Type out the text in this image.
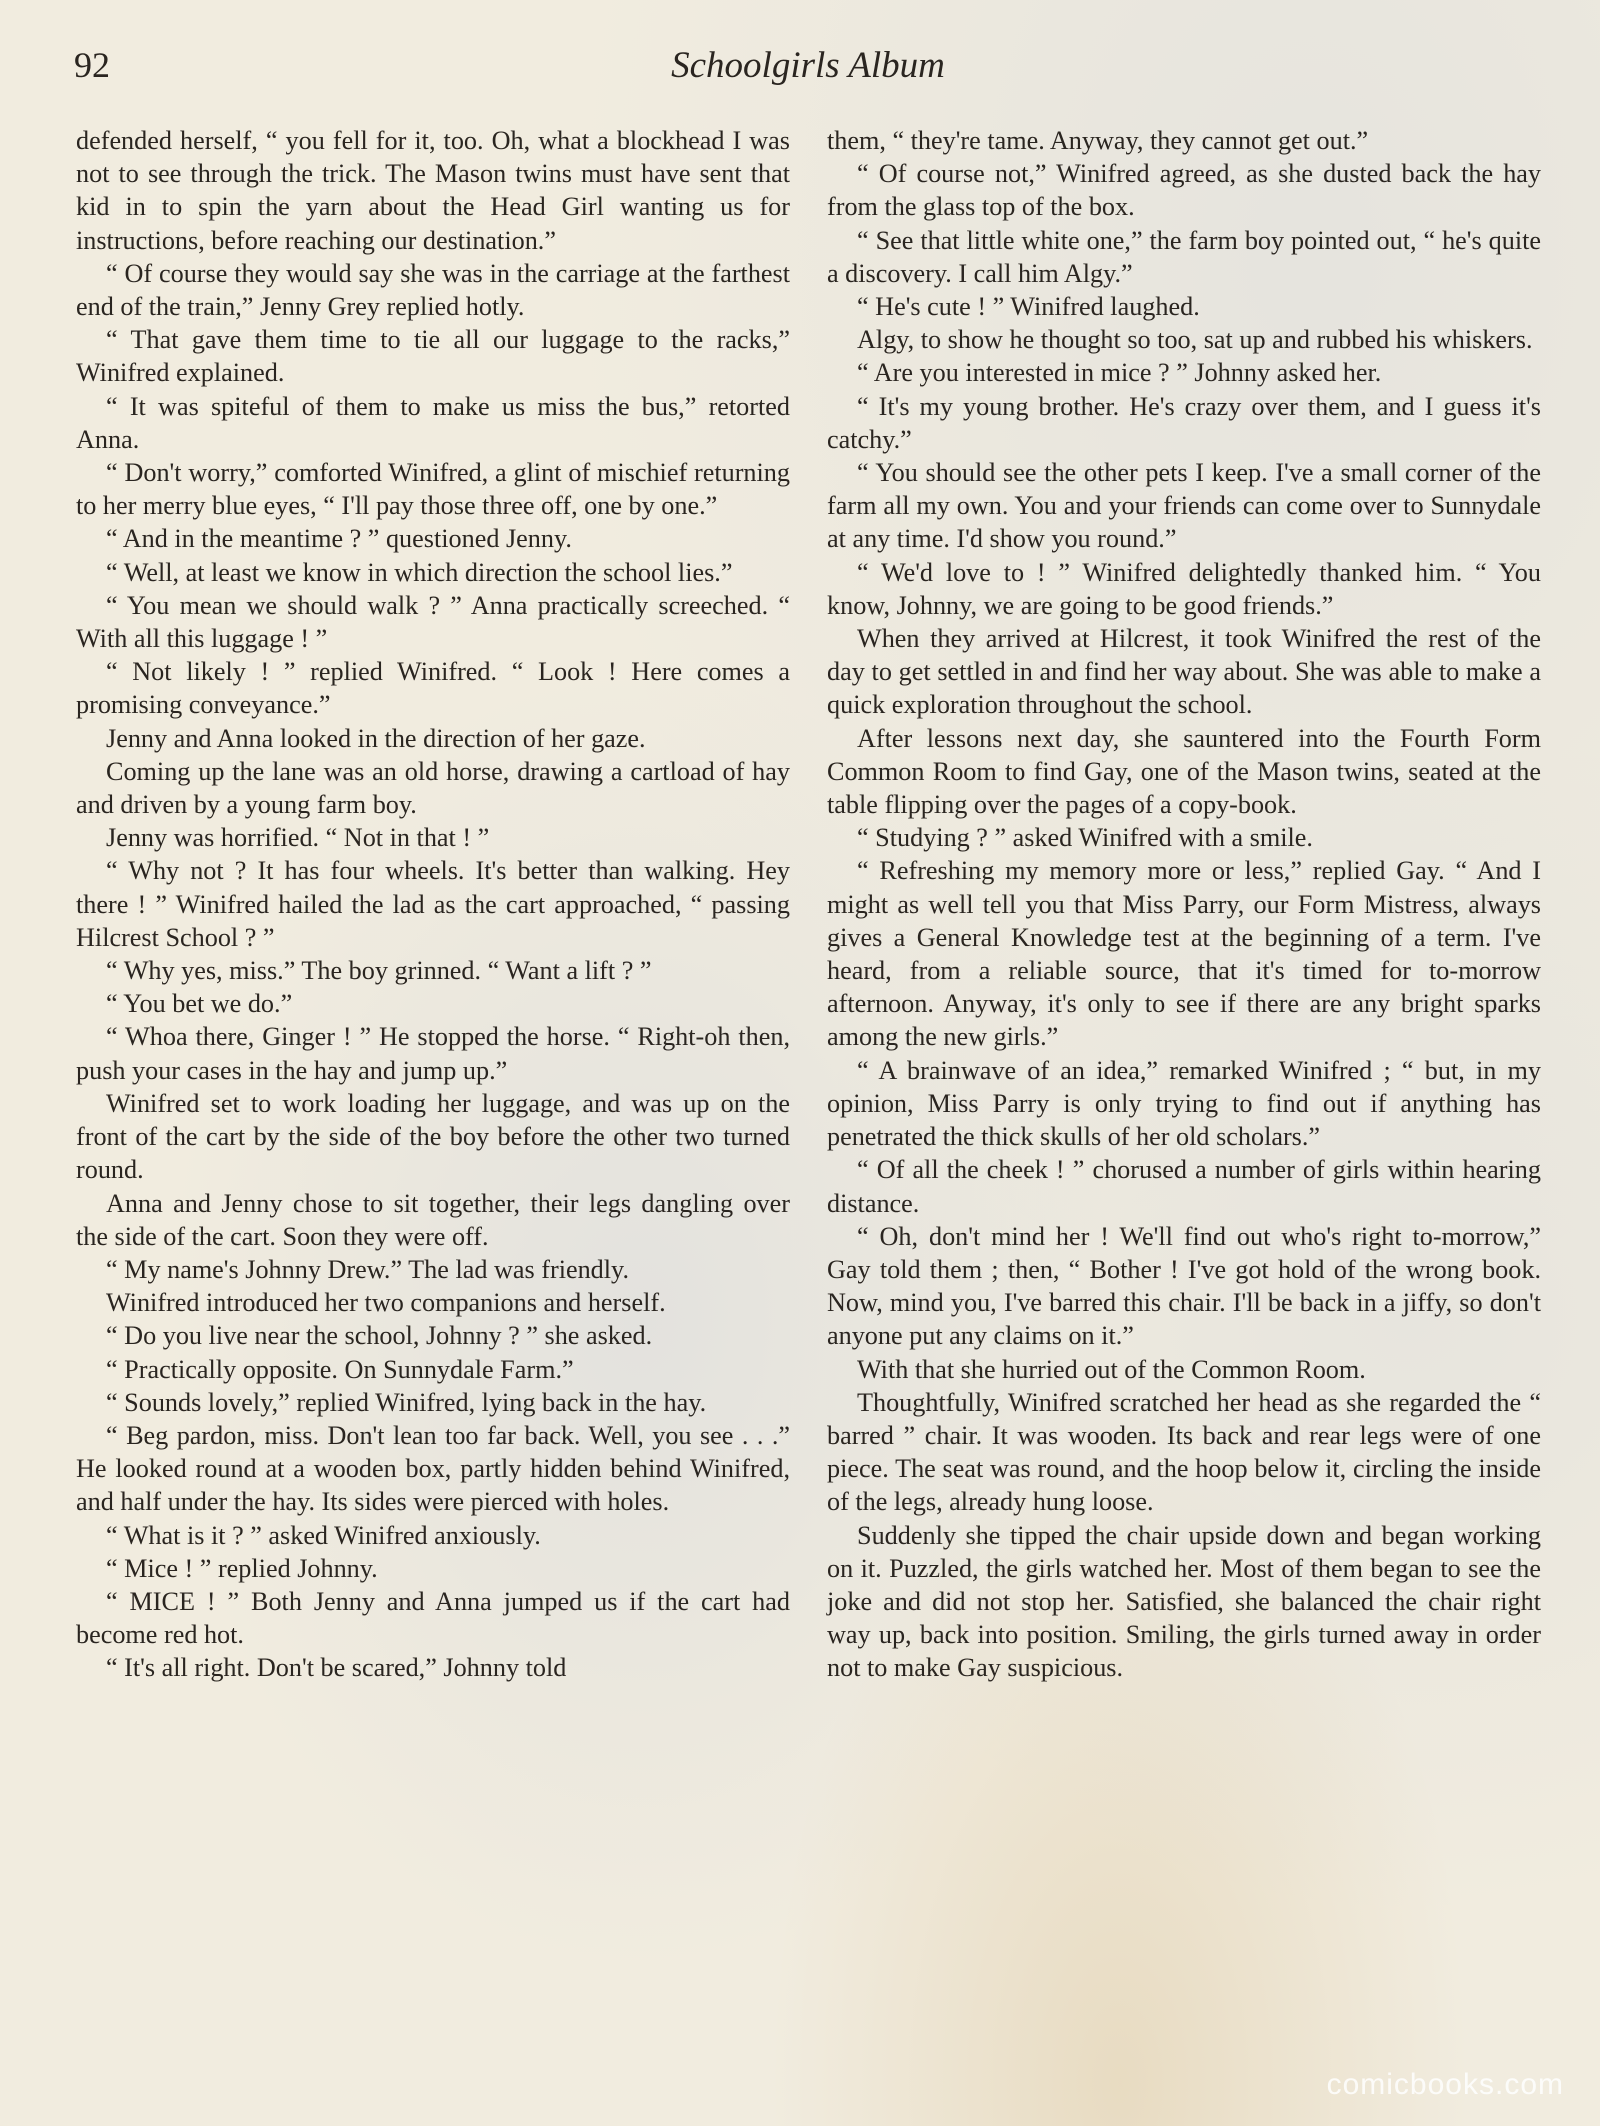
92	Schoolgirls Album

defended herself, “ you fell for it, too. Oh, what a blockhead I was not to see through the trick. The Mason twins must have sent that kid in to spin the yarn about the Head Girl wanting us for instructions, before reaching our destination.”

“ Of course they would say she was in the carriage at the farthest end of the train,” Jenny Grey replied hotly.

“ That gave them time to tie all our luggage to the racks,” Winifred explained.

“ It was spiteful of them to make us miss the bus,” retorted Anna.

“ Don't worry,” comforted Winifred, a glint of mischief returning to her merry blue eyes, “ I'll pay those three off, one by one.”

“ And in the meantime ? ” questioned Jenny.

“ Well, at least we know in which direction the school lies.”

“ You mean we should walk ? ” Anna practically screeched. “ With all this luggage ! ”

“ Not likely ! ” replied Winifred. “ Look ! Here comes a promising conveyance.”

Jenny and Anna looked in the direction of her gaze.

Coming up the lane was an old horse, drawing a cartload of hay and driven by a young farm boy.

Jenny was horrified. “ Not in that ! ”

“ Why not ? It has four wheels. It's better than walking. Hey there ! ” Winifred hailed the lad as the cart approached, “ passing Hilcrest School ? ”

“ Why yes, miss.” The boy grinned. “ Want a lift ? ”

“ You bet we do.”

“ Whoa there, Ginger ! ” He stopped the horse. “ Right-oh then, push your cases in the hay and jump up.”

Winifred set to work loading her luggage, and was up on the front of the cart by the side of the boy before the other two turned round.

Anna and Jenny chose to sit together, their legs dangling over the side of the cart. Soon they were off.

“ My name's Johnny Drew.” The lad was friendly.

Winifred introduced her two companions and herself.

“ Do you live near the school, Johnny ? ” she asked.

“ Practically opposite. On Sunnydale Farm.”

“ Sounds lovely,” replied Winifred, lying back in the hay.

“ Beg pardon, miss. Don't lean too far back. Well, you see . . .” He looked round at a wooden box, partly hidden behind Winifred, and half under the hay. Its sides were pierced with holes.

“ What is it ? ” asked Winifred anxiously.

“ Mice ! ” replied Johnny.

“ MICE ! ” Both Jenny and Anna jumped us if the cart had become red hot.

“ It's all right. Don't be scared,” Johnny told

them, “ they're tame. Anyway, they cannot get out.”

“ Of course not,” Winifred agreed, as she dusted back the hay from the glass top of the box.

“ See that little white one,” the farm boy pointed out, “ he's quite a discovery. I call him Algy.”

“ He's cute ! ” Winifred laughed.

Algy, to show he thought so too, sat up and rubbed his whiskers.

“ Are you interested in mice ? ” Johnny asked her.

“ It's my young brother. He's crazy over them, and I guess it's catchy.”

“ You should see the other pets I keep. I've a small corner of the farm all my own. You and your friends can come over to Sunnydale at any time. I'd show you round.”

“ We'd love to ! ” Winifred delightedly thanked him. “ You know, Johnny, we are going to be good friends.”

When they arrived at Hilcrest, it took Winifred the rest of the day to get settled in and find her way about. She was able to make a quick exploration throughout the school.

After lessons next day, she sauntered into the Fourth Form Common Room to find Gay, one of the Mason twins, seated at the table flipping over the pages of a copy-book.

“ Studying ? ” asked Winifred with a smile.

“ Refreshing my memory more or less,” replied Gay. “ And I might as well tell you that Miss Parry, our Form Mistress, always gives a General Knowledge test at the beginning of a term. I've heard, from a reliable source, that it's timed for to-morrow afternoon. Anyway, it's only to see if there are any bright sparks among the new girls.”

“ A brainwave of an idea,” remarked Winifred ; “ but, in my opinion, Miss Parry is only trying to find out if anything has penetrated the thick skulls of her old scholars.”

“ Of all the cheek ! ” chorused a number of girls within hearing distance.

“ Oh, don't mind her ! We'll find out who's right to-morrow,” Gay told them ; then, “ Bother ! I've got hold of the wrong book. Now, mind you, I've barred this chair. I'll be back in a jiffy, so don't anyone put any claims on it.”

With that she hurried out of the Common Room.

Thoughtfully, Winifred scratched her head as she regarded the “ barred ” chair. It was wooden. Its back and rear legs were of one piece. The seat was round, and the hoop below it, circling the inside of the legs, already hung loose.

Suddenly she tipped the chair upside down and began working on it. Puzzled, the girls watched her. Most of them began to see the joke and did not stop her. Satisfied, she balanced the chair right way up, back into position. Smiling, the girls turned away in order not to make Gay suspicious.

comicbooks.com
